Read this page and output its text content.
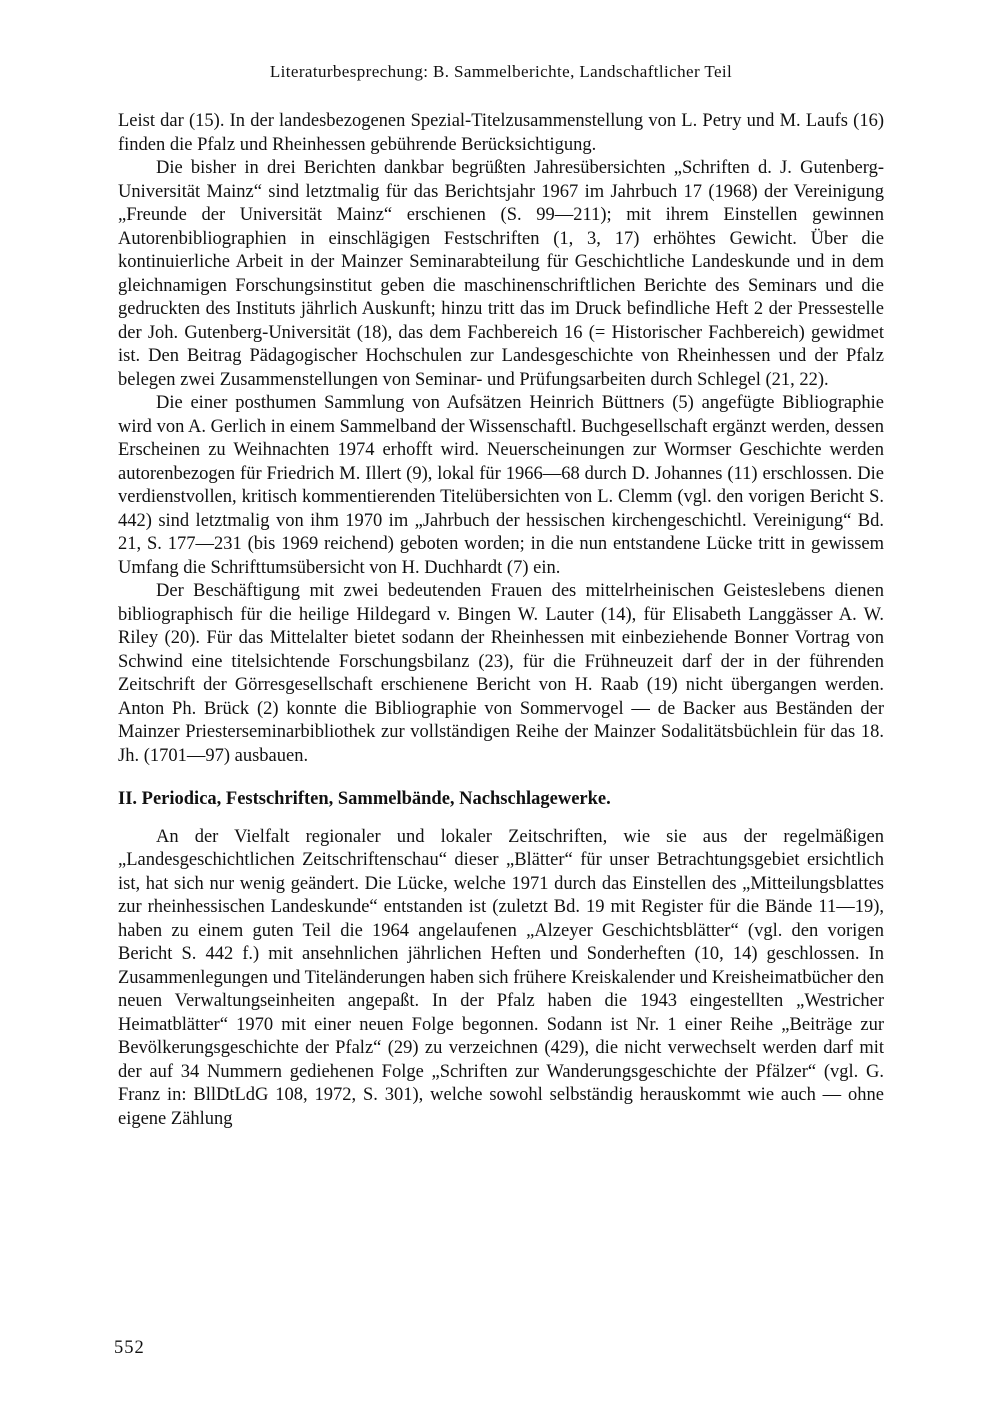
Literaturbesprechung: B. Sammelberichte, Landschaftlicher Teil

Leist dar (15). In der landesbezogenen Spezial-Titelzusammenstellung von L. Petry und M. Laufs (16) finden die Pfalz und Rheinhessen gebührende Berücksichtigung.

Die bisher in drei Berichten dankbar begrüßten Jahresübersichten „Schriften d. J. Gutenberg-Universität Mainz“ sind letztmalig für das Berichtsjahr 1967 im Jahrbuch 17 (1968) der Vereinigung „Freunde der Universität Mainz“ erschienen (S. 99—211); mit ihrem Einstellen gewinnen Autorenbibliographien in einschlägigen Festschriften (1, 3, 17) erhöhtes Gewicht. Über die kontinuierliche Arbeit in der Mainzer Seminarabteilung für Geschichtliche Landeskunde und in dem gleichnamigen Forschungsinstitut geben die maschinenschriftlichen Berichte des Seminars und die gedruckten des Instituts jährlich Auskunft; hinzu tritt das im Druck befindliche Heft 2 der Pressestelle der Joh. Gutenberg-Universität (18), das dem Fachbereich 16 (= Historischer Fachbereich) gewidmet ist. Den Beitrag Pädagogischer Hochschulen zur Landesgeschichte von Rheinhessen und der Pfalz belegen zwei Zusammenstellungen von Seminar- und Prüfungsarbeiten durch Schlegel (21, 22).

Die einer posthumen Sammlung von Aufsätzen Heinrich Büttners (5) angefügte Bibliographie wird von A. Gerlich in einem Sammelband der Wissenschaftl. Buchgesellschaft ergänzt werden, dessen Erscheinen zu Weihnachten 1974 erhofft wird. Neuerscheinungen zur Wormser Geschichte werden autorenbezogen für Friedrich M. Illert (9), lokal für 1966—68 durch D. Johannes (11) erschlossen. Die verdienstvollen, kritisch kommentierenden Titelübersichten von L. Clemm (vgl. den vorigen Bericht S. 442) sind letztmalig von ihm 1970 im „Jahrbuch der hessischen kirchengeschichtl. Vereinigung“ Bd. 21, S. 177—231 (bis 1969 reichend) geboten worden; in die nun entstandene Lücke tritt in gewissem Umfang die Schrifttumsübersicht von H. Duchhardt (7) ein.

Der Beschäftigung mit zwei bedeutenden Frauen des mittelrheinischen Geisteslebens dienen bibliographisch für die heilige Hildegard v. Bingen W. Lauter (14), für Elisabeth Langgässer A. W. Riley (20). Für das Mittelalter bietet sodann der Rheinhessen mit einbeziehende Bonner Vortrag von Schwind eine titelsichtende Forschungsbilanz (23), für die Frühneuzeit darf der in der führenden Zeitschrift der Görresgesellschaft erschienene Bericht von H. Raab (19) nicht übergangen werden. Anton Ph. Brück (2) konnte die Bibliographie von Sommervogel — de Backer aus Beständen der Mainzer Priesterseminarbibliothek zur vollständigen Reihe der Mainzer Sodalitätsbüchlein für das 18. Jh. (1701—97) ausbauen.

II. Periodica, Festschriften, Sammelbände, Nachschlagewerke.

An der Vielfalt regionaler und lokaler Zeitschriften, wie sie aus der regelmäßigen „Landesgeschichtlichen Zeitschriftenschau“ dieser „Blätter“ für unser Betrachtungsgebiet ersichtlich ist, hat sich nur wenig geändert. Die Lücke, welche 1971 durch das Einstellen des „Mitteilungsblattes zur rheinhessischen Landeskunde“ entstanden ist (zuletzt Bd. 19 mit Register für die Bände 11—19), haben zu einem guten Teil die 1964 angelaufenen „Alzeyer Geschichtsblätter“ (vgl. den vorigen Bericht S. 442 f.) mit ansehnlichen jährlichen Heften und Sonderheften (10, 14) geschlossen. In Zusammenlegungen und Titeländerungen haben sich frühere Kreiskalender und Kreisheimatbücher den neuen Verwaltungseinheiten angepaßt. In der Pfalz haben die 1943 eingestellten „Westricher Heimatblätter“ 1970 mit einer neuen Folge begonnen. Sodann ist Nr. 1 einer Reihe „Beiträge zur Bevölkerungsgeschichte der Pfalz“ (29) zu verzeichnen (429), die nicht verwechselt werden darf mit der auf 34 Nummern gediehenen Folge „Schriften zur Wanderungsgeschichte der Pfälzer“ (vgl. G. Franz in: BllDtLdG 108, 1972, S. 301), welche sowohl selbständig herauskommt wie auch — ohne eigene Zählung

552
